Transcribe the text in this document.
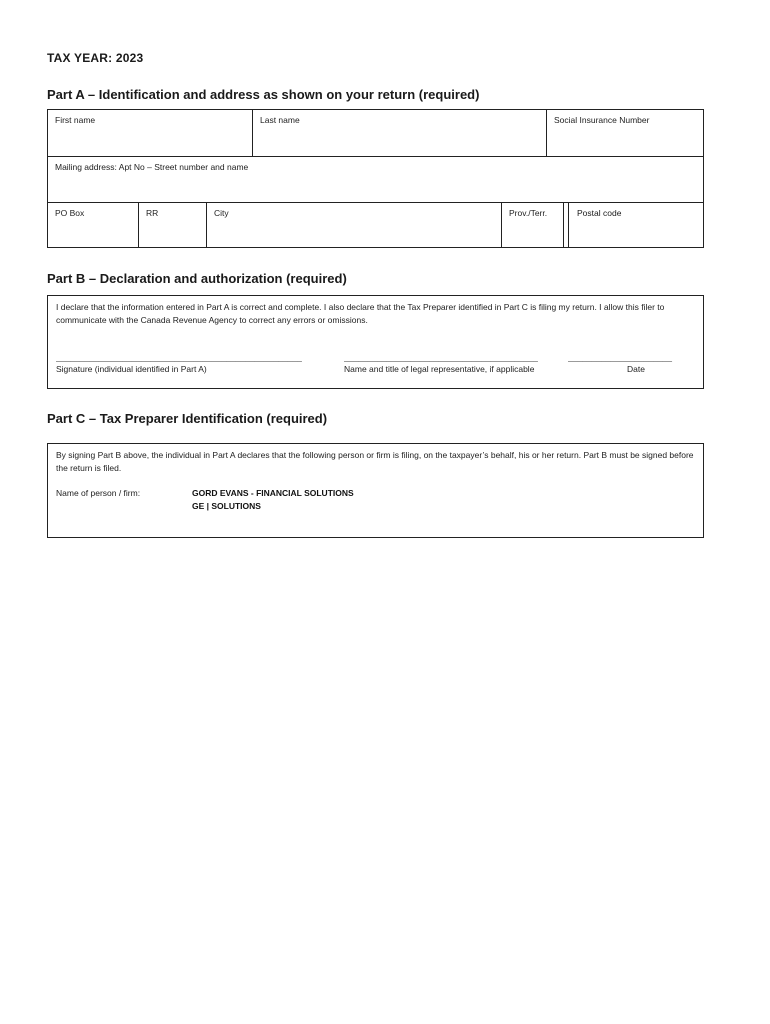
TAX YEAR: 2023
Part A – Identification and address as shown on your return (required)
First name	Last name	Social Insurance Number
Mailing address: Apt No – Street number and name
PO Box	RR	City	Prov./Terr.	Postal code
Part B – Declaration and authorization (required)
I declare that the information entered in Part A is correct and complete. I also declare that the Tax Preparer identified in Part C is filing my return. I allow this filer to communicate with the Canada Revenue Agency to correct any errors or omissions.
____________________________________________________	_________________________________________	______________________
Signature (individual identified in Part A)	Name and title of legal representative, if applicable	Date
Part C – Tax Preparer Identification (required)
By signing Part B above, the individual in Part A declares that the following person or firm is filing, on the taxpayer’s behalf, his or her return. Part B must be signed before the return is filed.
Name of person / firm:	GORD EVANS - FINANCIAL SOLUTIONS
GE | SOLUTIONS
